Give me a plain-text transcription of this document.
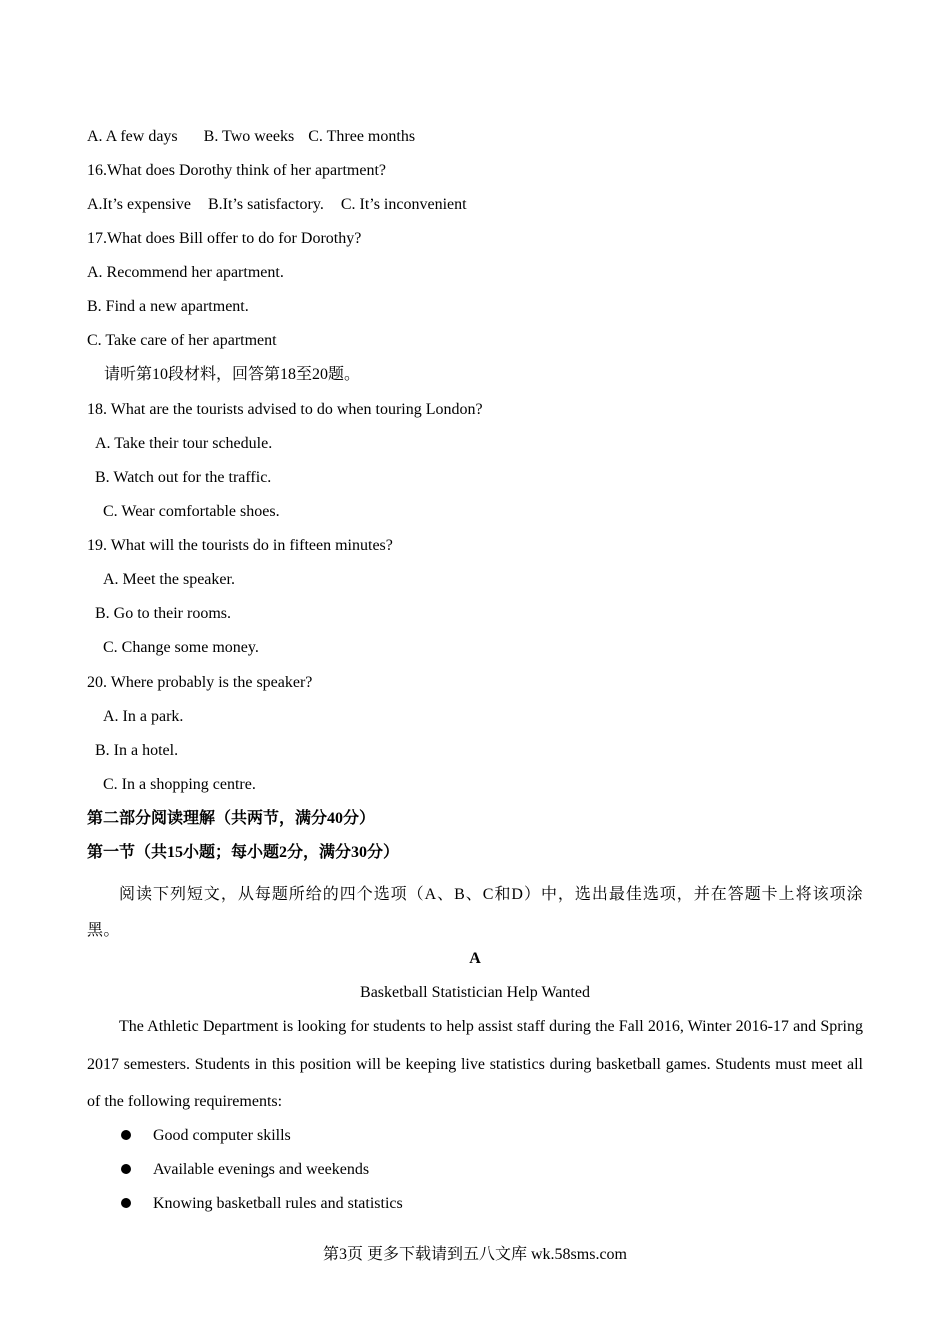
A. A few days B. Two weeks C. Three months
16.What does Dorothy think of her apartment?
A.It’s expensive B.It’s satisfactory. C. It’s inconvenient
17.What does Bill offer to do for Dorothy?
A. Recommend her apartment.
B. Find a new apartment.
C. Take care of her apartment
请听第10段材料，回答第18至20题。
18. What are the tourists advised to do when touring London?
A. Take their tour schedule.
B. Watch out for the traffic.
C. Wear comfortable shoes.
19. What will the tourists do in fifteen minutes?
A. Meet the speaker.
B. Go to their rooms.
C. Change some money.
20. Where probably is the speaker?
A. In a park.
B. In a hotel.
C. In a shopping centre.
第二部分阅读理解（共两节，满分40分）
第一节（共15小题；每小题2分，满分30分）
阅读下列短文，从每题所给的四个选项（A、B、C和D）中，选出最佳选项，并在答题卡上将该项涂黑。
A
Basketball Statistician Help Wanted
The Athletic Department is looking for students to help assist staff during the Fall 2016, Winter 2016-17 and Spring 2017 semesters. Students in this position will be keeping live statistics during basketball games. Students must meet all of the following requirements:
Good computer skills
Available evenings and weekends
Knowing basketball rules and statistics
第3页 更多下载请到五八文库 wk.58sms.com
